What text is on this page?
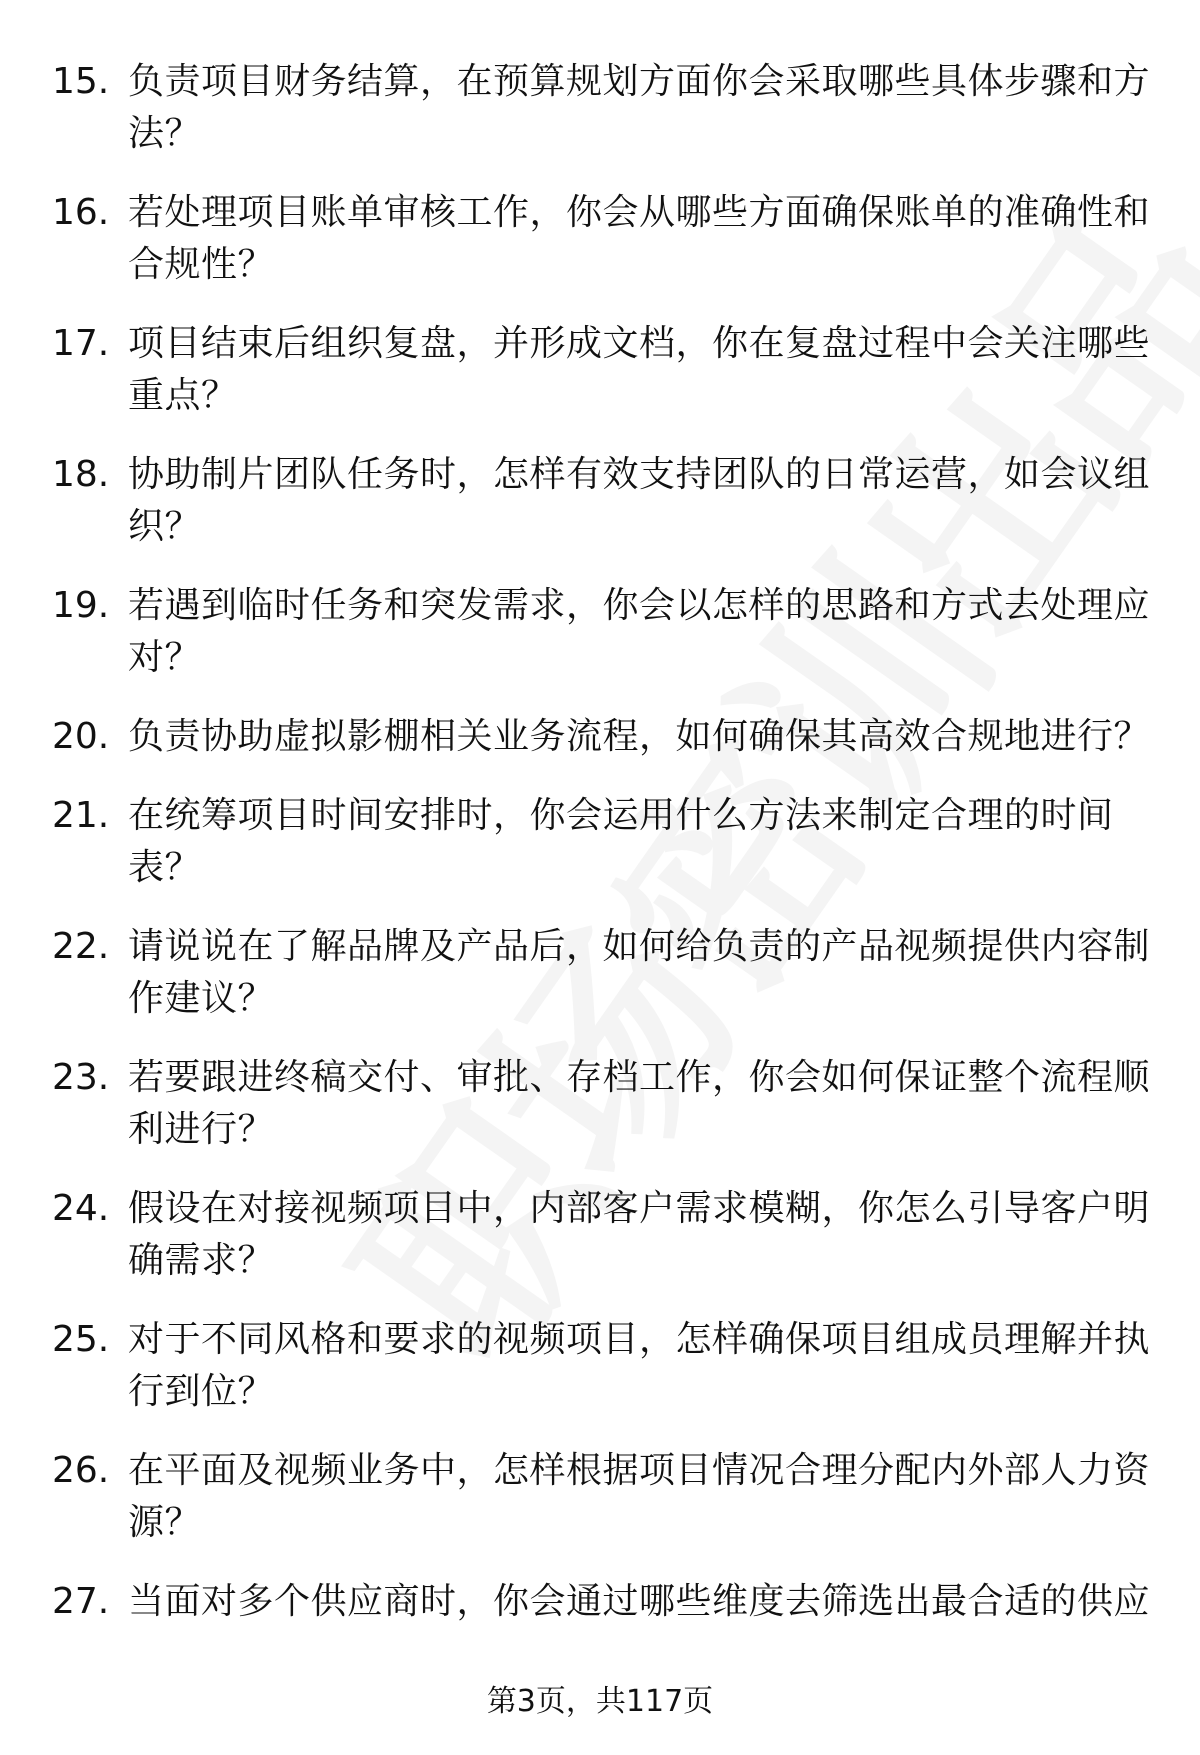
15. 负责项目财务结算，在预算规划方面你会采取哪些具体步骤和方法？
16. 若处理项目账单审核工作，你会从哪些方面确保账单的准确性和合规性？
17. 项目结束后组织复盘，并形成文档，你在复盘过程中会关注哪些重点？
18. 协助制片团队任务时，怎样有效支持团队的日常运营，如会议组织？
19. 若遇到临时任务和突发需求，你会以怎样的思路和方式去处理应对？
20. 负责协助虚拟影棚相关业务流程，如何确保其高效合规地进行？
21. 在统筹项目时间安排时，你会运用什么方法来制定合理的时间表？
22. 请说说在了解品牌及产品后，如何给负责的产品视频提供内容制作建议？
23. 若要跟进终稿交付、审批、存档工作，你会如何保证整个流程顺利进行？
24. 假设在对接视频项目中，内部客户需求模糊，你怎么引导客户明确需求？
25. 对于不同风格和要求的视频项目，怎样确保项目组成员理解并执行到位？
26. 在平面及视频业务中，怎样根据项目情况合理分配内外部人力资源？
27. 当面对多个供应商时，你会通过哪些维度去筛选出最合适的供应
第3页，共117页
